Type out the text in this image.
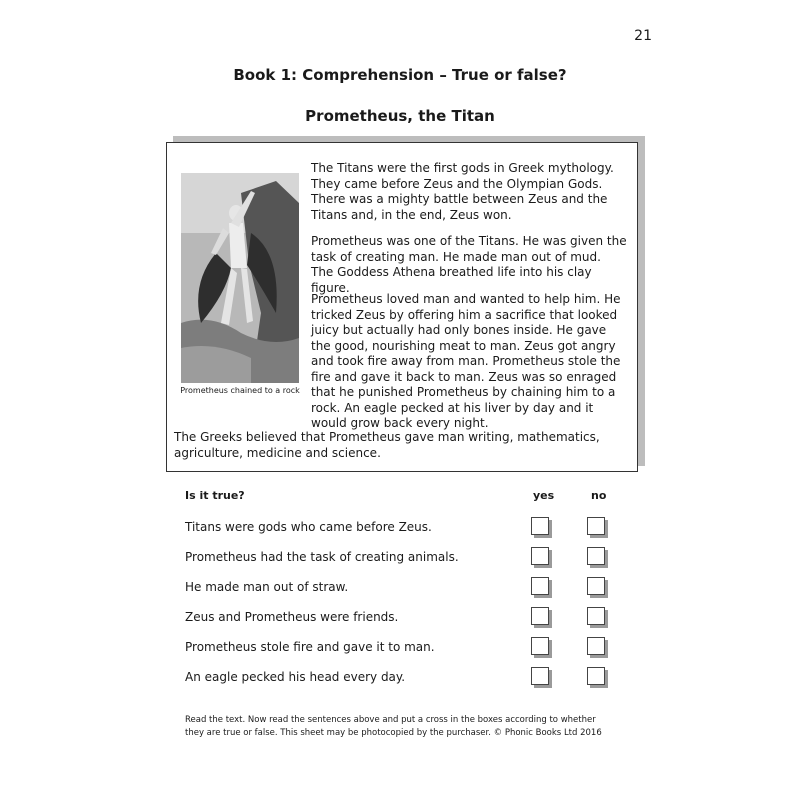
21
Book 1: Comprehension – True or false?
Prometheus, the Titan
Prometheus chained to a rock

The Titans were the first gods in Greek mythology. They came before Zeus and the Olympian Gods. There was a mighty battle between Zeus and the Titans and, in the end, Zeus won.

Prometheus was one of the Titans. He was given the task of creating man. He made man out of mud. The Goddess Athena breathed life into his clay figure.

Prometheus loved man and wanted to help him. He tricked Zeus by offering him a sacrifice that looked juicy but actually had only bones inside. He gave the good, nourishing meat to man. Zeus got angry and took fire away from man. Prometheus stole the fire and gave it back to man. Zeus was so enraged that he punished Prometheus by chaining him to a rock. An eagle pecked at his liver by day and it would grow back every night.

The Greeks believed that Prometheus gave man writing, mathematics, agriculture, medicine and science.

Is it true?	yes	no
Titans were gods who came before Zeus.
Prometheus had the task of creating animals.
He made man out of straw.
Zeus and Prometheus were friends.
Prometheus stole fire and gave it to man.
An eagle pecked his head every day.

Read the text. Now read the sentences above and put a cross in the boxes according to whether
they are true or false. This sheet may be photocopied by the purchaser. © Phonic Books Ltd 2016
